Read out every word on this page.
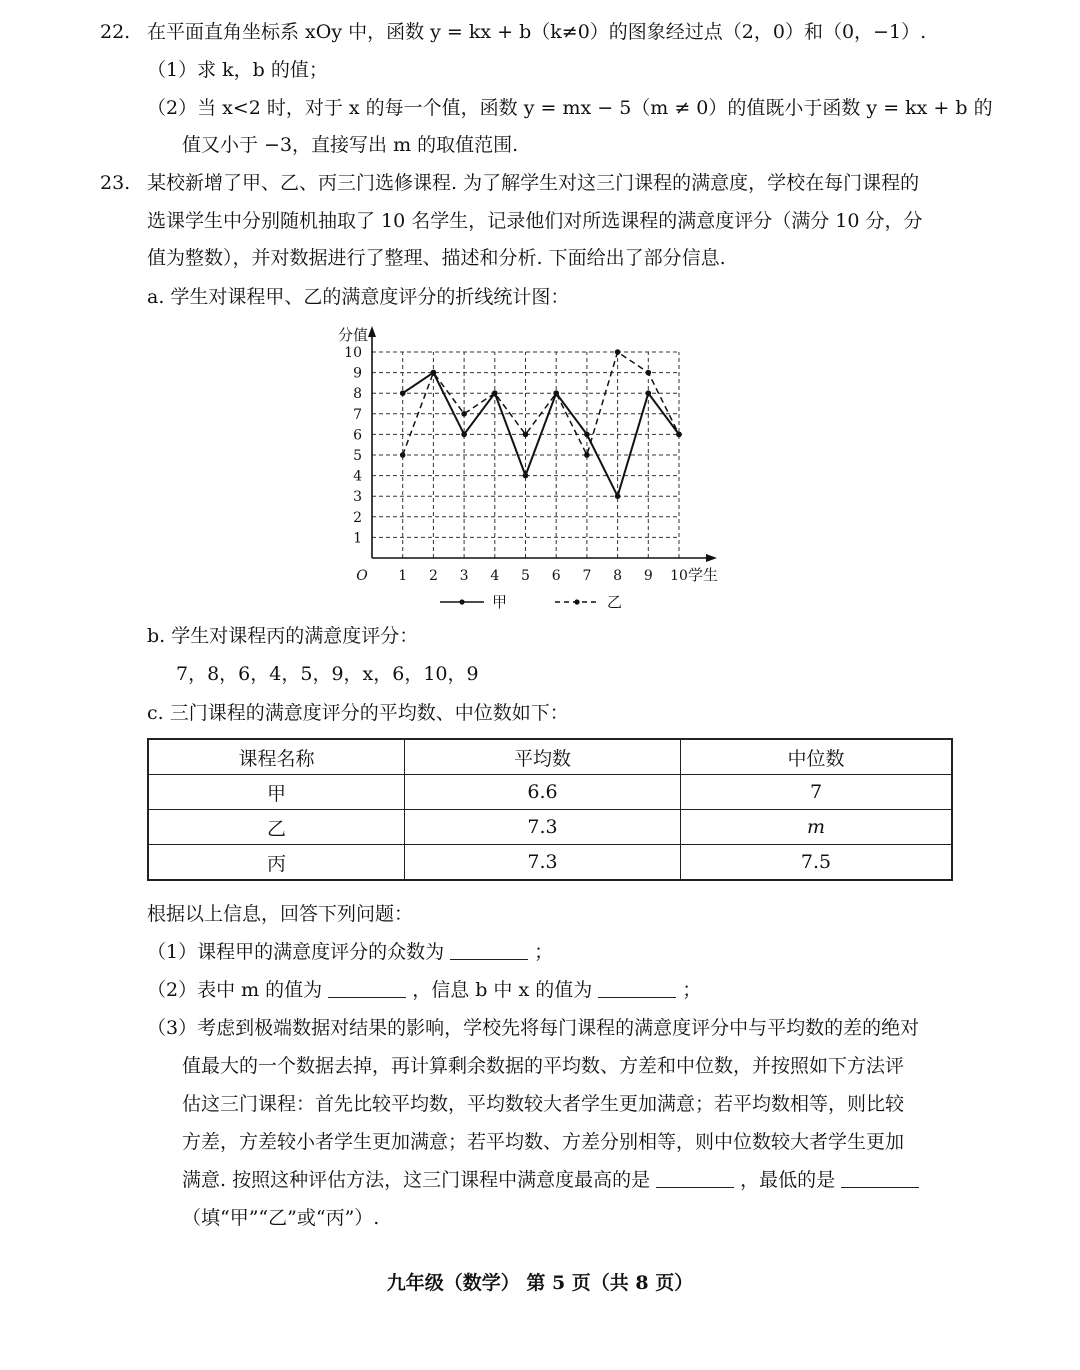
22. 在平面直角坐标系 xOy 中，函数 y = kx + b（k≠0）的图象经过点（2，0）和（0，−1）.
（1）求 k，b 的值；
（2）当 x<2 时，对于 x 的每一个值，函数 y = mx − 5（m ≠ 0）的值既小于函数 y = kx + b 的
值又小于 −3，直接写出 m 的取值范围.
23. 某校新增了甲、乙、丙三门选修课程. 为了解学生对这三门课程的满意度，学校在每门课程的
选课学生中分别随机抽取了 10 名学生，记录他们对所选课程的满意度评分（满分 10 分，分
值为整数），并对数据进行了整理、描述和分析. 下面给出了部分信息.
a. 学生对课程甲、乙的满意度评分的折线统计图：
1
2
3
4
5
6
7
8
9
10
1 2 3 4 5 6 7 8 9 10
O
分值
学生
甲	乙
b. 学生对课程丙的满意度评分：
7，8，6，4，5，9，x，6，10，9
c. 三门课程的满意度评分的平均数、中位数如下：
课程名称	平均数	中位数
甲	6.6	7
乙	7.3	m
丙	7.3	7.5
根据以上信息，回答下列问题：
（1）课程甲的满意度评分的众数为	；
（2）表中 m 的值为	，信息 b 中 x 的值为	；
（3）考虑到极端数据对结果的影响，学校先将每门课程的满意度评分中与平均数的差的绝对
值最大的一个数据去掉，再计算剩余数据的平均数、方差和中位数，并按照如下方法评
估这三门课程：首先比较平均数，平均数较大者学生更加满意；若平均数相等，则比较
方差，方差较小者学生更加满意；若平均数、方差分别相等，则中位数较大者学生更加
满意. 按照这种评估方法，这三门课程中满意度最高的是	，最低的是
（填“甲”“乙”或“丙”）.
九年级（数学） 第 5 页（共 8 页）
